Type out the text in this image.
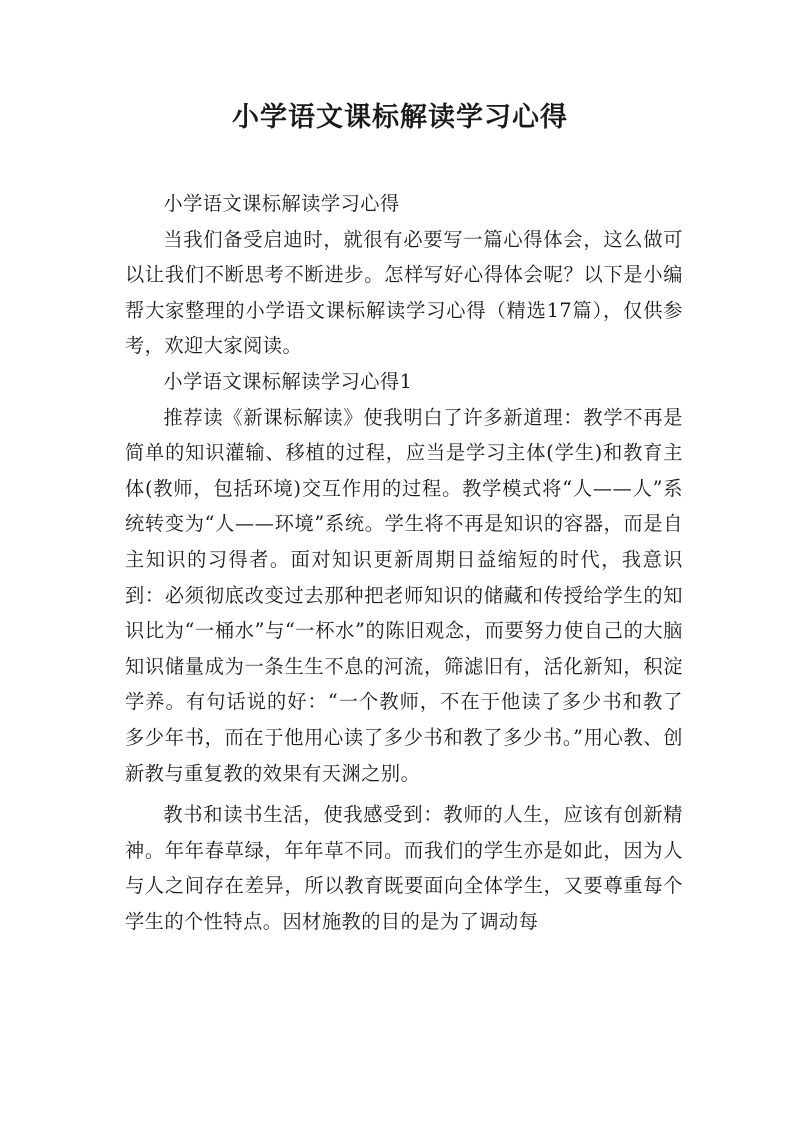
小学语文课标解读学习心得

小学语文课标解读学习心得

当我们备受启迪时，就很有必要写一篇心得体会，这么做可以让我们不断思考不断进步。怎样写好心得体会呢？以下是小编帮大家整理的小学语文课标解读学习心得（精选17篇），仅供参考，欢迎大家阅读。

小学语文课标解读学习心得1

推荐读《新课标解读》使我明白了许多新道理：教学不再是简单的知识灌输、移植的过程，应当是学习主体(学生)和教育主体(教师，包括环境)交互作用的过程。教学模式将“人——人”系统转变为“人——环境”系统。学生将不再是知识的容器，而是自主知识的习得者。面对知识更新周期日益缩短的时代，我意识到：必须彻底改变过去那种把老师知识的储藏和传授给学生的知识比为“一桶水”与“一杯水”的陈旧观念，而要努力使自己的大脑知识储量成为一条生生不息的河流，筛滤旧有，活化新知，积淀学养。有句话说的好：“一个教师，不在于他读了多少书和教了多少年书，而在于他用心读了多少书和教了多少书。”用心教、创新教与重复教的效果有天渊之别。

教书和读书生活，使我感受到：教师的人生，应该有创新精神。年年春草绿，年年草不同。而我们的学生亦是如此，因为人与人之间存在差异，所以教育既要面向全体学生，又要尊重每个学生的个性特点。因材施教的目的是为了调动每
